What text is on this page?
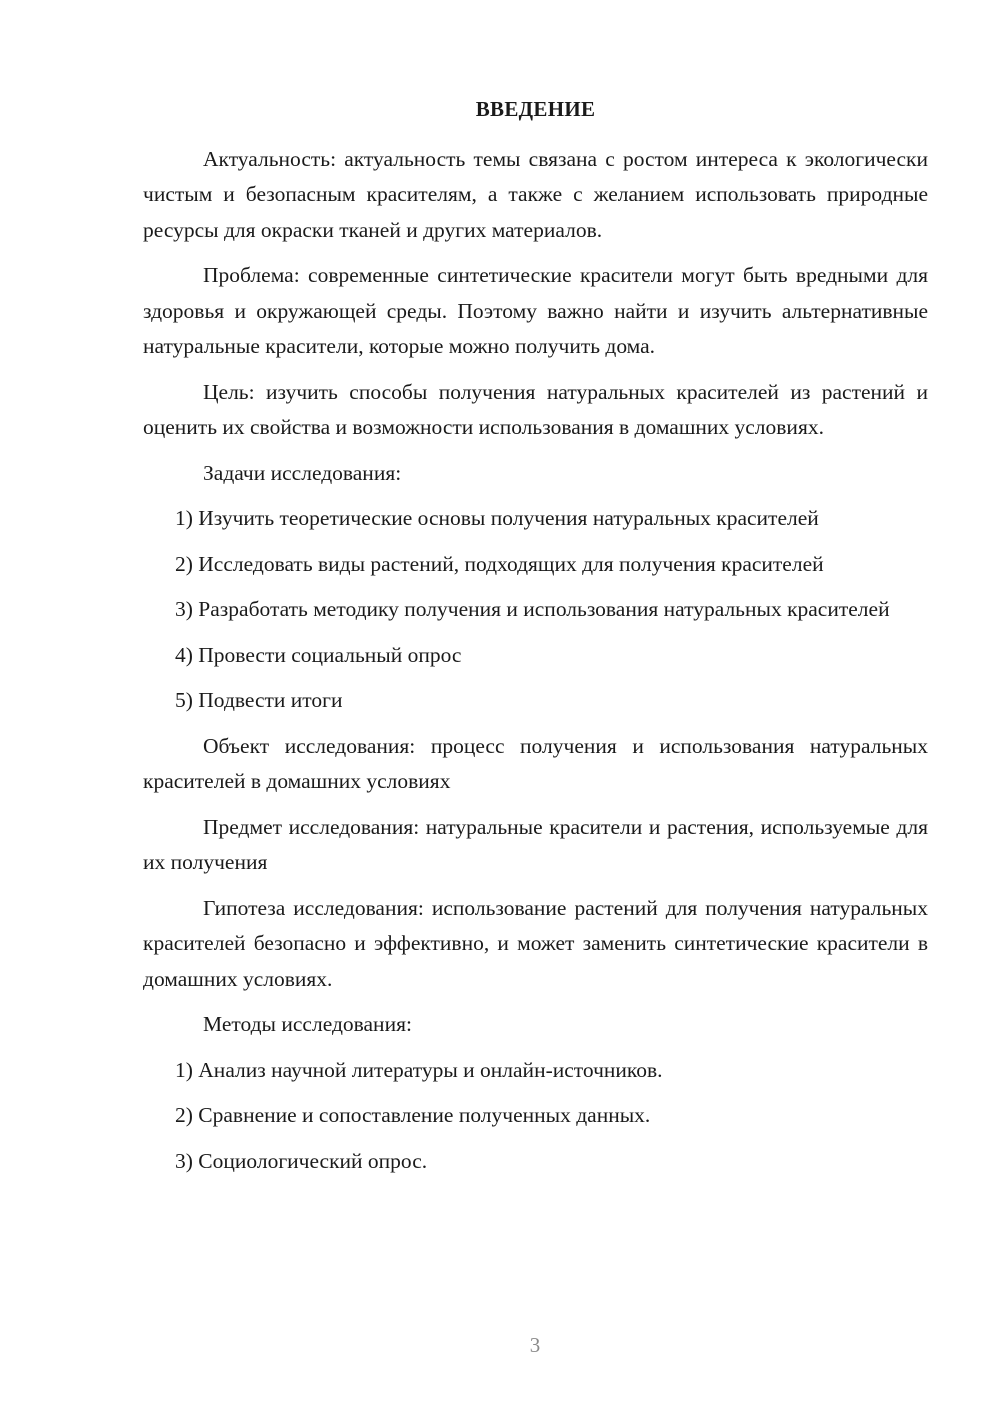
ВВЕДЕНИЕ

Актуальность: актуальность темы связана с ростом интереса к экологически чистым и безопасным красителям, а также с желанием использовать природные ресурсы для окраски тканей и других материалов.

Проблема: современные синтетические красители могут быть вредными для здоровья и окружающей среды. Поэтому важно найти и изучить альтернативные натуральные красители, которые можно получить дома.

Цель: изучить способы получения натуральных красителей из растений и оценить их свойства и возможности использования в домашних условиях.

Задачи исследования:

1) Изучить теоретические основы получения натуральных красителей

2) Исследовать виды растений, подходящих для получения красителей

3) Разработать методику получения и использования натуральных красителей

4) Провести социальный опрос

5) Подвести итоги

Объект исследования: процесс получения и использования натуральных красителей в домашних условиях

Предмет исследования: натуральные красители и растения, используемые для их получения

Гипотеза исследования: использование растений для получения натуральных красителей безопасно и эффективно, и может заменить синтетические красители в домашних условиях.

Методы исследования:

1) Анализ научной литературы и онлайн-источников.

2) Сравнение и сопоставление полученных данных.

3) Социологический опрос.

3
